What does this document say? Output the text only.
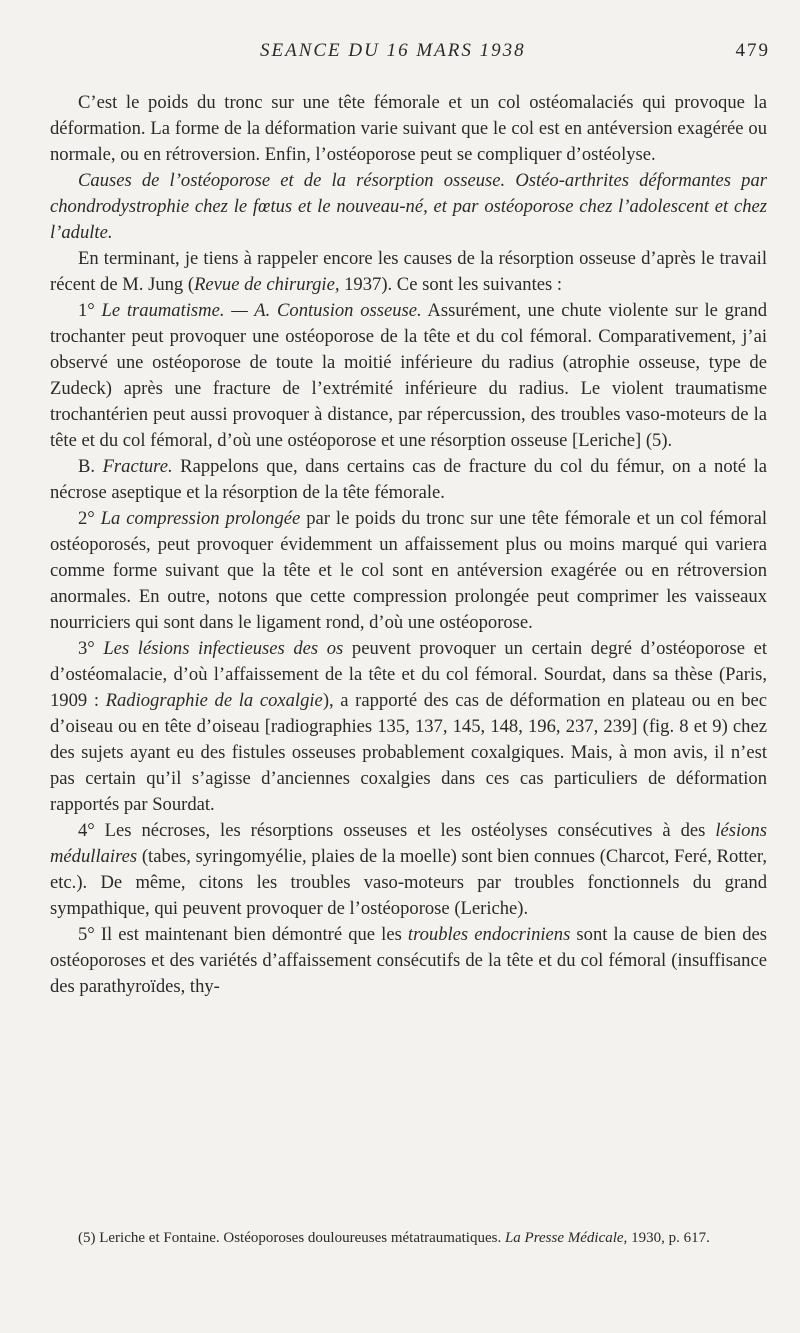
SEANCE DU 16 MARS 1938	479

C’est le poids du tronc sur une tête fémorale et un col ostéomalaciés qui provoque la déformation. La forme de la déformation varie suivant que le col est en antéversion exagérée ou normale, ou en rétroversion. Enfin, l’ostéoporose peut se compliquer d’ostéolyse.

Causes de l’ostéoporose et de la résorption osseuse. Ostéo-arthrites déformantes par chondrodystrophie chez le fœtus et le nouveau-né, et par ostéoporose chez l’adolescent et chez l’adulte.

En terminant, je tiens à rappeler encore les causes de la résorption osseuse d’après le travail récent de M. Jung (Revue de chirurgie, 1937). Ce sont les suivantes :

1° Le traumatisme. — A. Contusion osseuse. Assurément, une chute violente sur le grand trochanter peut provoquer une ostéoporose de la tête et du col fémoral. Comparativement, j’ai observé une ostéoporose de toute la moitié inférieure du radius (atrophie osseuse, type de Zudeck) après une fracture de l’extrémité inférieure du radius. Le violent traumatisme trochantérien peut aussi provoquer à distance, par répercussion, des troubles vaso-moteurs de la tête et du col fémoral, d’où une ostéoporose et une résorption osseuse [Leriche] (5).

B. Fracture. Rappelons que, dans certains cas de fracture du col du fémur, on a noté la nécrose aseptique et la résorption de la tête fémorale.

2° La compression prolongée par le poids du tronc sur une tête fémorale et un col fémoral ostéoporosés, peut provoquer évidemment un affaissement plus ou moins marqué qui variera comme forme suivant que la tête et le col sont en antéversion exagérée ou en rétroversion anormales. En outre, notons que cette compression prolongée peut comprimer les vaisseaux nourriciers qui sont dans le ligament rond, d’où une ostéoporose.

3° Les lésions infectieuses des os peuvent provoquer un certain degré d’ostéoporose et d’ostéomalacie, d’où l’affaissement de la tête et du col fémoral. Sourdat, dans sa thèse (Paris, 1909 : Radiographie de la coxalgie), a rapporté des cas de déformation en plateau ou en bec d’oiseau ou en tête d’oiseau [radiographies 135, 137, 145, 148, 196, 237, 239] (fig. 8 et 9) chez des sujets ayant eu des fistules osseuses probablement coxalgiques. Mais, à mon avis, il n’est pas certain qu’il s’agisse d’anciennes coxalgies dans ces cas particuliers de déformation rapportés par Sourdat.

4° Les nécroses, les résorptions osseuses et les ostéolyses consécutives à des lésions médullaires (tabes, syringomyélie, plaies de la moelle) sont bien connues (Charcot, Feré, Rotter, etc.). De même, citons les troubles vaso-moteurs par troubles fonctionnels du grand sympathique, qui peuvent provoquer de l’ostéoporose (Leriche).

5° Il est maintenant bien démontré que les troubles endocriniens sont la cause de bien des ostéoporoses et des variétés d’affaissement consécutifs de la tête et du col fémoral (insuffisance des parathyroïdes, thy-

(5) Leriche et Fontaine. Ostéoporoses douloureuses métatraumatiques. La Presse Médicale, 1930, p. 617.
